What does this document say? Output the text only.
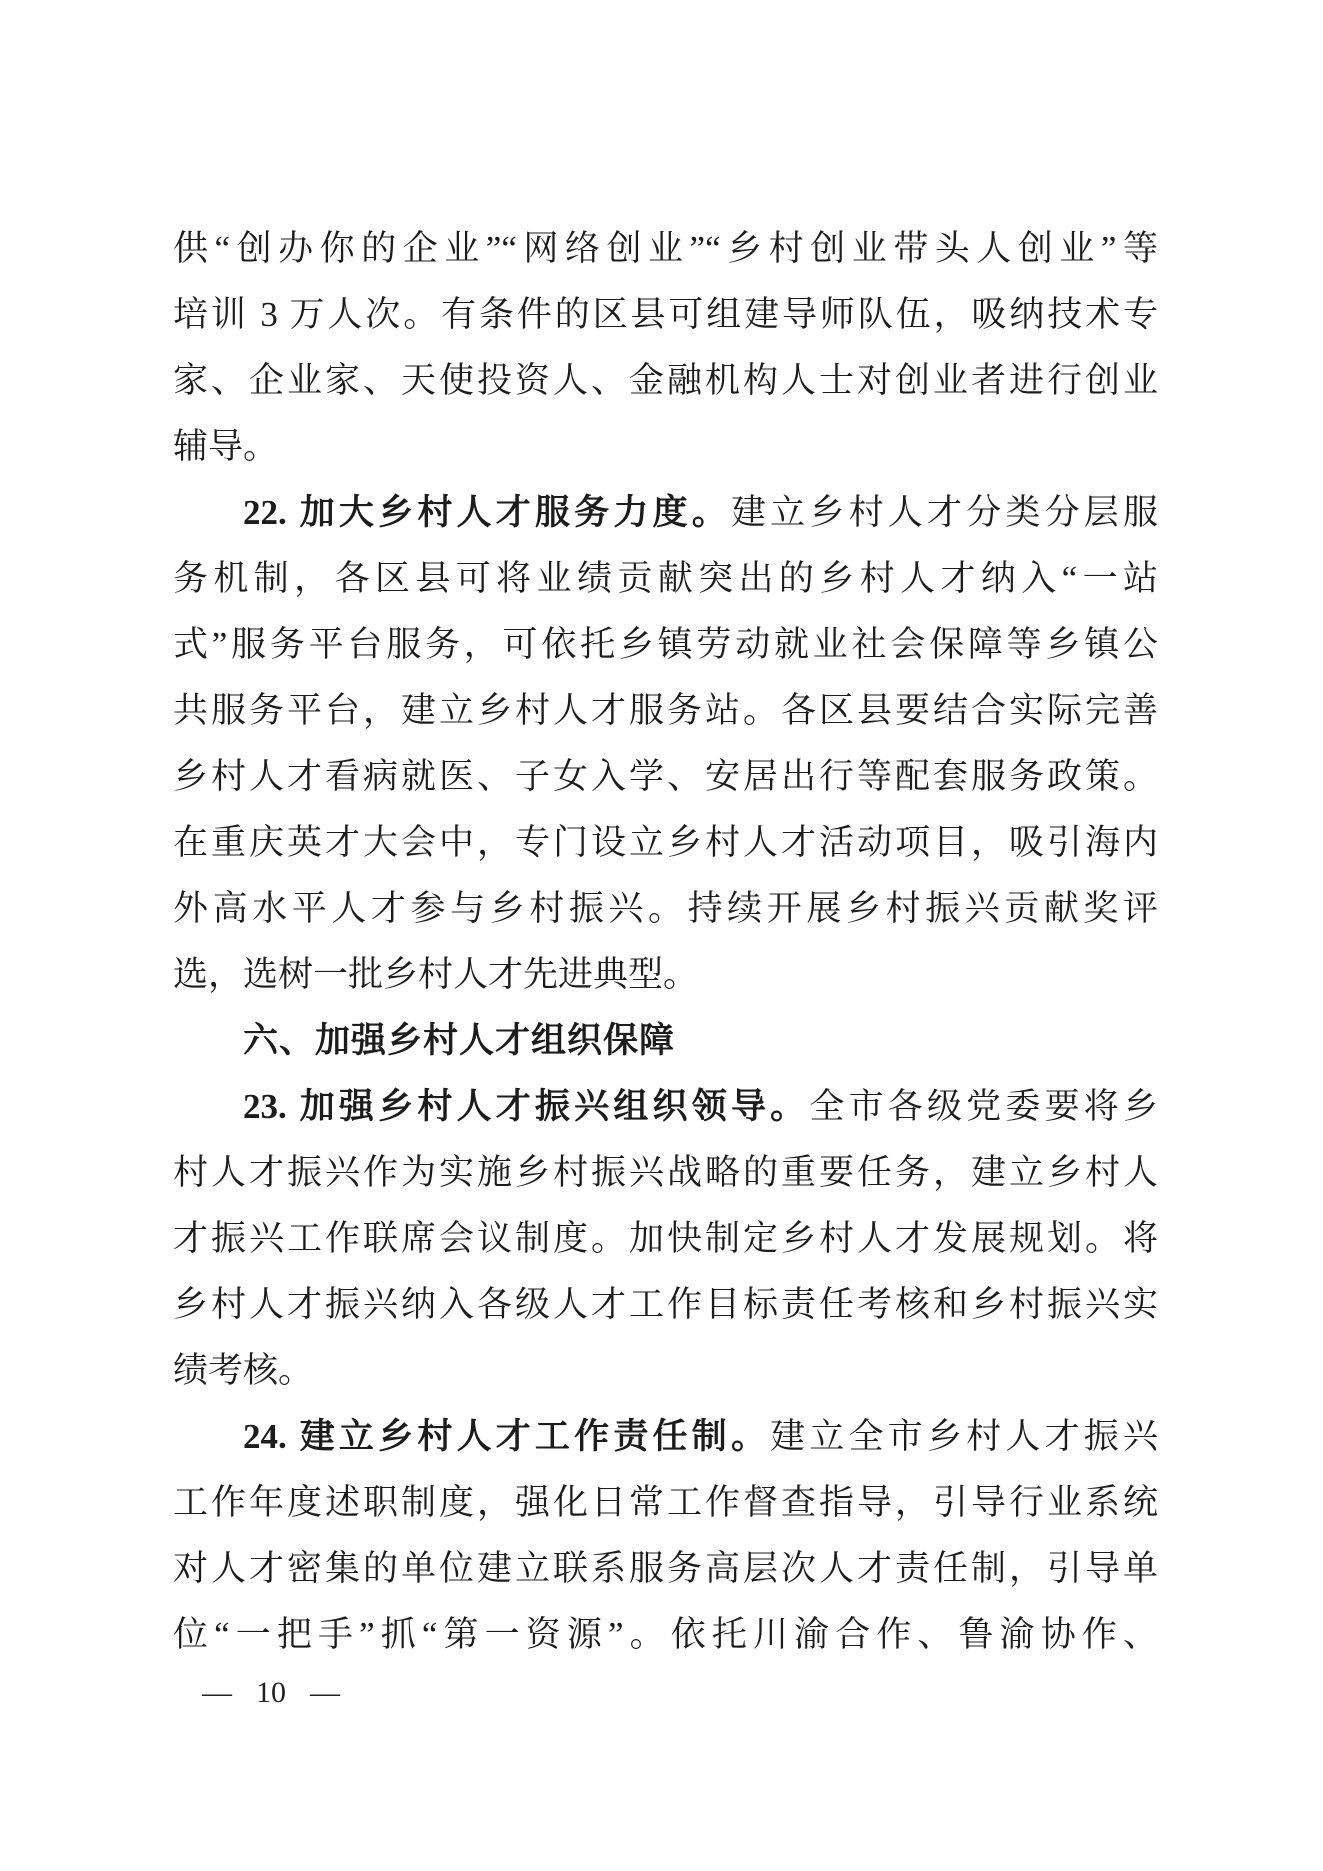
供“创办你的企业”“网络创业”“乡村创业带头人创业”等
培训 3 万人次。有条件的区县可组建导师队伍，吸纳技术专
家、企业家、天使投资人、金融机构人士对创业者进行创业
辅导。
22. 加大乡村人才服务力度。建立乡村人才分类分层服
务机制，各区县可将业绩贡献突出的乡村人才纳入“一站
式”服务平台服务，可依托乡镇劳动就业社会保障等乡镇公
共服务平台，建立乡村人才服务站。各区县要结合实际完善
乡村人才看病就医、子女入学、安居出行等配套服务政策。
在重庆英才大会中，专门设立乡村人才活动项目，吸引海内
外高水平人才参与乡村振兴。持续开展乡村振兴贡献奖评
选，选树一批乡村人才先进典型。
六、加强乡村人才组织保障
23. 加强乡村人才振兴组织领导。全市各级党委要将乡
村人才振兴作为实施乡村振兴战略的重要任务，建立乡村人
才振兴工作联席会议制度。加快制定乡村人才发展规划。将
乡村人才振兴纳入各级人才工作目标责任考核和乡村振兴实
绩考核。
24. 建立乡村人才工作责任制。建立全市乡村人才振兴
工作年度述职制度，强化日常工作督查指导，引导行业系统
对人才密集的单位建立联系服务高层次人才责任制，引导单
位“一把手”抓“第一资源”。依托川渝合作、鲁渝协作、
— 10 —
